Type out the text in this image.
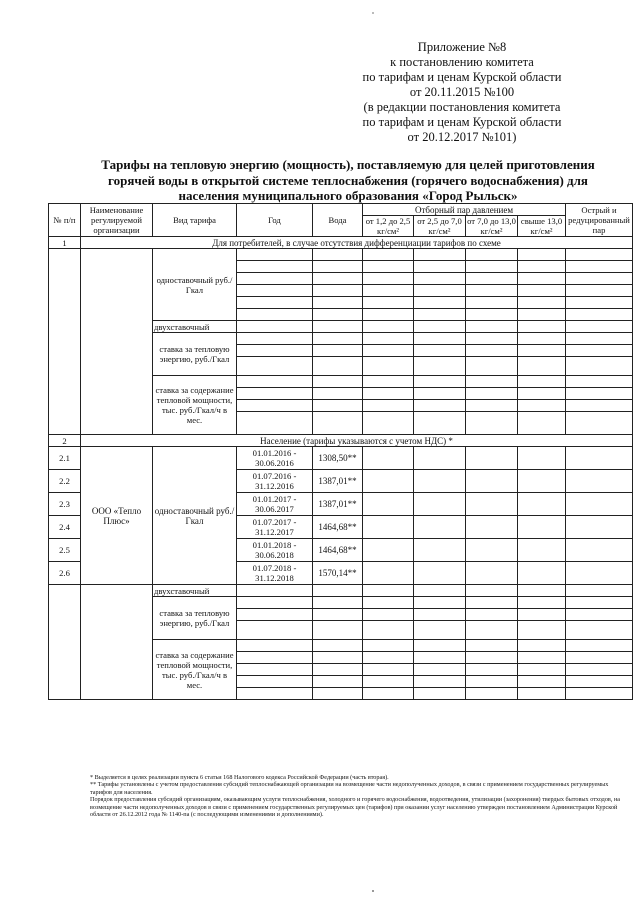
Приложение №8
к постановлению комитета
по тарифам и ценам Курской области
от 20.11.2015 №100
(в редакции постановления комитета
по тарифам и ценам Курской области
от 20.12.2017 №101)
Тарифы на тепловую энергию (мощность), поставляемую для целей приготовления
горячей воды в открытой системе теплоснабжения (горячего водоснабжения) для
населения муниципального образования «Город Рыльск»
№ п/п	Наименование регулируемой организации	Вид тарифа	Год	Вода	Отборный пар давлением				Острый и редуцированный пар
					от 1,2 до 2,5 кг/см²	от 2,5 до 7,0 кг/см²	от 7,0 до 13,0 кг/см²	свыше 13,0 кг/см²	
1	Для потребителей, в случае отсутствия дифференциации тарифов по схеме								
		одноставочный руб./Гкал							

		двухставочный							
		ставка за тепловую энергию, руб./Гкал							

		ставка за содержание тепловой мощности, тыс. руб./Гкал/ч в мес.							

2	Население (тарифы указываются с учетом НДС) *								
2.1	ООО «Тепло Плюс»	одноставочный руб./Гкал	01.01.2016 - 30.06.2016	1308,50**					
2.2			01.07.2016 - 31.12.2016	1387,01**					
2.3			01.01.2017 - 30.06.2017	1387,01**					
2.4			01.07.2017 - 31.12.2017	1464,68**					
2.5			01.01.2018 - 30.06.2018	1464,68**					
2.6			01.07.2018 - 31.12.2018	1570,14**					
		двухставочный							
		ставка за тепловую энергию, руб./Гкал							

		ставка за содержание тепловой мощности, тыс. руб./Гкал/ч в мес.							

* Выделяется в целях реализации пункта 6 статьи 168 Налогового кодекса Российской Федерации (часть вторая).

** Тарифы установлены с учетом предоставления субсидий теплоснабжающей организации на возмещение части недополученных доходов, в связи с применением государственных регулируемых тарифов для населения.

Порядок предоставления субсидий организациям, оказывающим услуги теплоснабжения, холодного и горячего водоснабжения, водоотведения, утилизации (захоронения) твердых бытовых отходов, на возмещение части недополученных доходов в связи с применением государственных регулируемых цен (тарифов) при оказании услуг населению утвержден постановлением Администрации Курской области от 26.12.2012 года № 1140-па (с последующими изменениями и дополнениями).
